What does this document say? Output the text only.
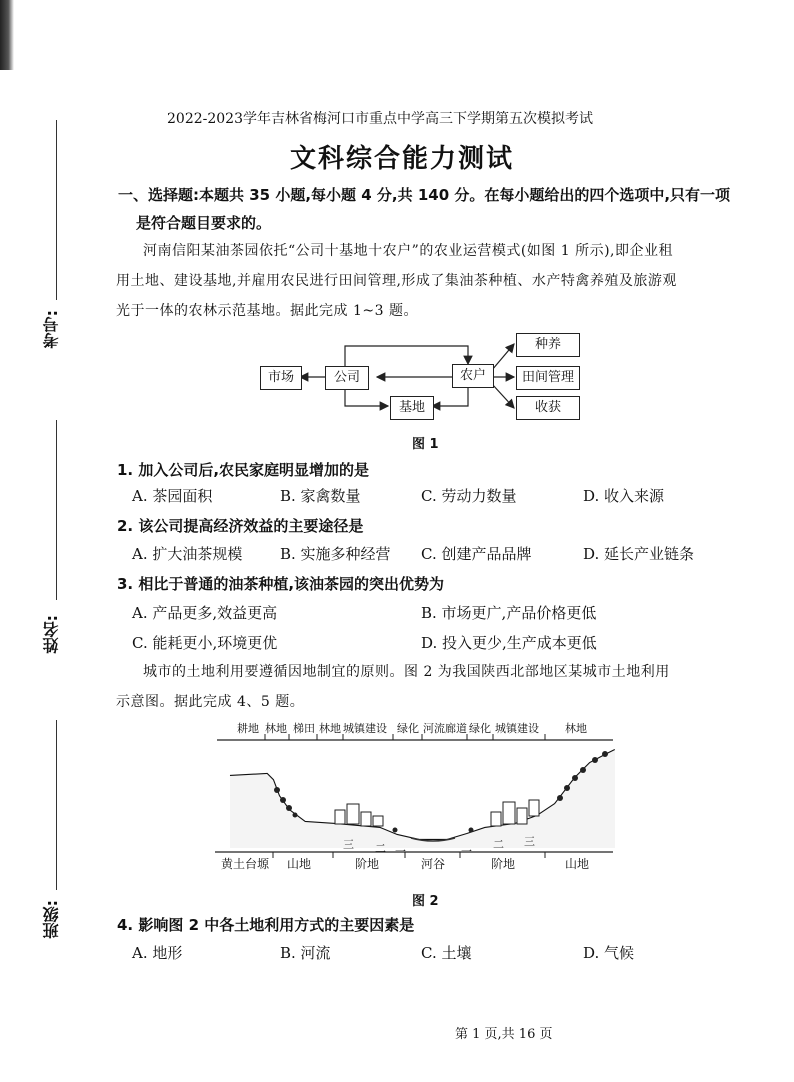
考号:
姓名:
班级:
2022-2023学年吉林省梅河口市重点中学高三下学期第五次模拟考试
文科综合能力测试
一、选择题:本题共 35 小题,每小题 4 分,共 140 分。在每小题给出的四个选项中,只有一项
是符合题目要求的。
河南信阳某油茶园依托“公司十基地十农户”的农业运营模式(如图 1 所示),即企业租
用土地、建设基地,并雇用农民进行田间管理,形成了集油茶种植、水产特禽养殖及旅游观
光于一体的农林示范基地。据此完成 1~3 题。
市场	公司	农户
基地
种养
田间管理
收获
图 1
1. 加入公司后,农民家庭明显增加的是
A. 茶园面积	B. 家禽数量	C. 劳动力数量	D. 收入来源
2. 该公司提高经济效益的主要途径是
A. 扩大油茶规模	B. 实施多种经营 C. 创建产品品牌	D. 延长产业链条
3. 相比于普通的油茶种植,该油茶园的突出优势为
A. 产品更多,效益更高	B. 市场更广,产品价格更低
C. 能耗更小,环境更优	D. 投入更少,生产成本更低
城市的土地利用要遵循因地制宜的原则。图 2 为我国陕西北部地区某城市土地利用
示意图。据此完成 4、5 题。
耕地 林地 梯田 林地 城镇建设 绿化 河流廊道 绿化 城镇建设 林地
三 二 一	一
二 三
黄土台塬 山地	阶地	河谷	阶地	山地
图 2
4. 影响图 2 中各土地利用方式的主要因素是
A. 地形	B. 河流	C. 土壤	D. 气候
第 1 页,共 16 页
